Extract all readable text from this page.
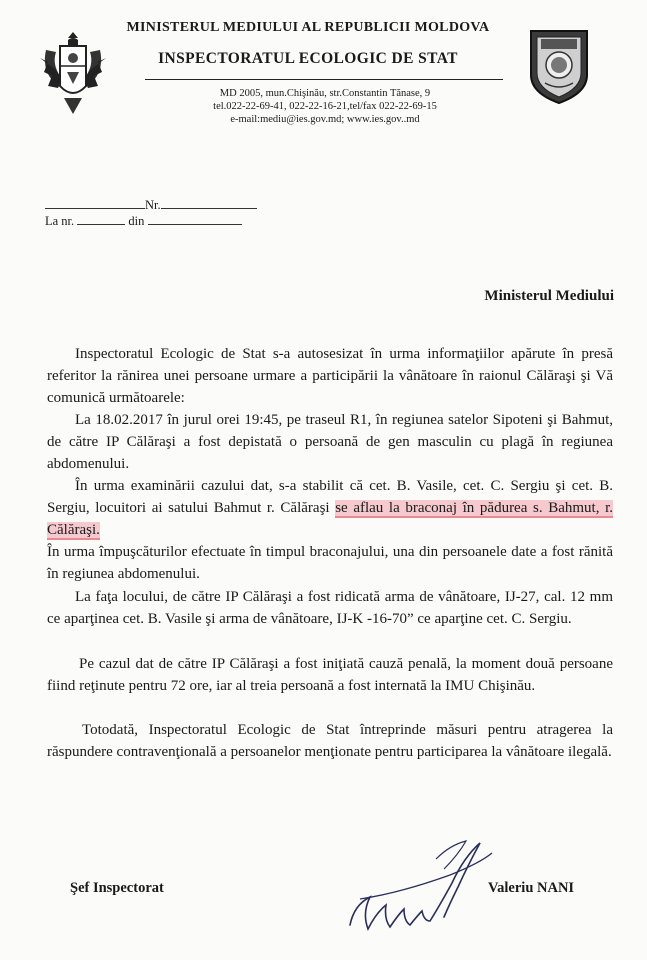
MINISTERUL MEDIULUI AL REPUBLICII MOLDOVA
INSPECTORATUL ECOLOGIC DE STAT
MD 2005, mun.Chişinău, str.Constantin Tănase, 9
tel.022-22-69-41, 022-22-16-21,tel/fax 022-22-69-15
e-mail:mediu@ies.gov.md; www.ies.gov..md
Nr.
La nr.	din
Ministerul Mediului
Inspectoratul Ecologic de Stat s-a autosesizat în urma informaţiilor apărute în presă referitor la rănirea unei persoane urmare a participării la vânătoare în raionul Călăraşi şi Vă comunică următoarele:
La 18.02.2017 în jurul orei 19:45, pe traseul R1, în regiunea satelor Sipoteni şi Bahmut, de către IP Călăraşi a fost depistată o persoană de gen masculin cu plagă în regiunea abdomenului.
În urma examinării cazului dat, s-a stabilit că cet. B. Vasile, cet. C. Sergiu şi cet. B. Sergiu, locuitori ai satului Bahmut r. Călăraşi se aflau la braconaj în pădurea s. Bahmut, r. Călăraşi.
În urma împuşcăturilor efectuate în timpul braconajului, una din persoanele date a fost rănită în regiunea abdomenului.
La faţa locului, de către IP Călăraşi a fost ridicată arma de vânătoare, IJ-27, cal. 12 mm ce aparţinea cet. B. Vasile şi arma de vânătoare, IJ-K -16-70” ce aparţine cet. C. Sergiu.
Pe cazul dat de către IP Călăraşi a fost iniţiată cauză penală, la moment două persoane fiind reţinute pentru 72 ore, iar al treia persoană a fost internată la IMU Chişinău.
Totodată, Inspectoratul Ecologic de Stat întreprinde măsuri pentru atragerea la răspundere contravenţională a persoanelor menţionate pentru participarea la vânătoare ilegală.
Şef Inspectorat	Valeriu NANI
